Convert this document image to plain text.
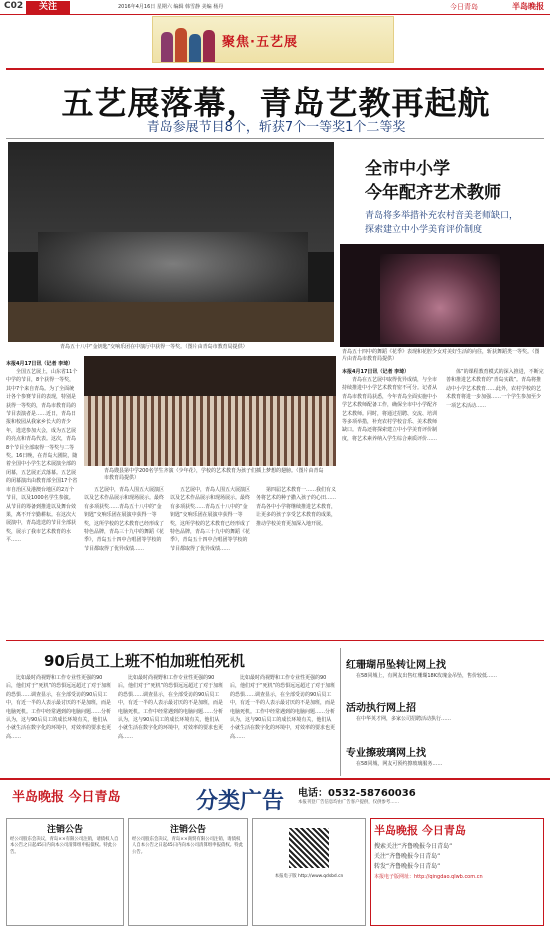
C02	关注	2016年4月16日 星期六 编辑 韩雪静 美编 杨丹	今日青岛	半岛晚报
聚焦·五艺展
五艺展落幕，青岛艺教再起航
青岛参展节目8个，斩获7个一等奖1个二等奖
青岛五十八中“金钥匙”交响乐团在中演厅中获得一等奖。（图片由青岛市教育局提供）
全市中小学
今年配齐艺术教师
青岛将多举措补充农村音美老师缺口，
探索建立中小学美育评价制度
青岛五十四中的舞蹈《花季》表现和花腔少女对美好生活的向往，斩获舞蹈类一等奖。（图片由青岛市教育局提供）
本报4月17日讯（记者 李琦）
全国五艺展上，山东省11个中学的节目，8个获得一等奖，其中7个来自青岛。为了全面统计各个参赛节目的表现，特别是获得一等奖的，青岛市教育局的节目表演者是……近日，青岛日报和校园从我家乡长大的青少年，选送参加大会，成为五艺展的亮点和青岛代表。这次，青岛8个节目全部取得一等奖与二等奖。16日晚，在青岛大剧院，随着全国中小学生艺术展演全部的闭幕，五艺展正式落幕。五艺展的闭幕演出由教育部全国17个省市自治区及港澳台地区的2万个节目，以及1000名学生参演。从节目的筹备到推进以及舞台效果，离不开辛勤耕耘。在这次大展演中，青岛选送的节目全部获奖，展示了我市艺术教育的水平……
青岛嫂县第中学200名学生齐演（少年花），学校的艺术教育为孩子们插上梦想的翅膀。（图片由青岛市教育局提供）
五艺展中，青岛人围五大展演区以及艺术作品展示和现场展示。最终有多项获奖……青岛五十八中的“金钥匙”交响乐团在展演中获得一等奖，这所学校的艺术教育已经形成了特色品牌，青岛三十九中的舞蹈《花季》，青岛五十四中合唱团等学校的节目都取得了优异成绩……
五艺展中，青岛人围五大展演区以及艺术作品展示和现场展示。最终有多项获奖……青岛五十八中的“金钥匙”交响乐团在展演中获得一等奖，这所学校的艺术教育已经形成了特色品牌，青岛三十九中的舞蹈《花季》，青岛五十四中合唱团等学校的节目都取得了优异成绩……
第四届艺术教育一……我们有义务将艺术的种子撒入孩子的心田……青岛各中小学将继续推进艺术教育，让更多的孩子享受艺术教育的成果，推动学校美育更加深入地开展。
本报4月17日讯（记者 李琦）
青岛在五艺展中取得优异成绩，与全市持续推进中小学艺术教育密不可分。记者从青岛市教育局获悉，今年青岛全面实施中小学艺术教师配备工作，确保全市中小学配齐艺术教师。同时，将通过招聘、交流、培训等多项举措，补充农村学校音乐、美术教师缺口。青岛还将探索建立中小学美育评价制度，将艺术素养纳入学生综合素质评价……
体”的课程教育模式的深入推进，不断完善和推进艺术教育的“青岛实践”。青岛将推动中小学艺术教育……此外，农村学校的艺术教育将进一步加强……一个学生参加至少一项艺术活动……
90后员工上班不怕加班怕死机
比如最时尚视野和工作专业性更强的90后，他们对于“死机”的恐惧远远超过了对于加班的恐惧……调查显示，在全部受访的90后员工中，有近一半的人表示最讨厌的不是加班，而是电脑死机。工作中经常遇到的电脑问题……分析认为，这与90后员工的成长环境有关，他们从小就生活在数字化的环境中，对效率的要求也更高……
比如最时尚视野和工作专业性更强的90后，他们对于“死机”的恐惧远远超过了对于加班的恐惧……调查显示，在全部受访的90后员工中，有近一半的人表示最讨厌的不是加班，而是电脑死机。工作中经常遇到的电脑问题……分析认为，这与90后员工的成长环境有关，他们从小就生活在数字化的环境中，对效率的要求也更高……
比如最时尚视野和工作专业性更强的90后，他们对于“死机”的恐惧远远超过了对于加班的恐惧……调查显示，在全部受访的90后员工中，有近一半的人表示最讨厌的不是加班，而是电脑死机。工作中经常遇到的电脑问题……分析认为，这与90后员工的成长环境有关，他们从小就生活在数字化的环境中，对效率的要求也更高……
红珊瑚吊坠转让网上找
在58同城上，有网友出售红珊瑚18K玫瑰金吊坠，售价较低……
活动执行网上招
在中华英才网，多家公司招聘活动执行……
专业擦玻璃网上找
在58同城，网友可预约擦玻璃服务……
半岛晚报 今日青岛	分类广告 电话：0532-58760036
本报刊登广告信息均由广告客户提供，仅供参考……
注销公告

经公司股东会决议，青岛××有限公司注销，请债权人自本公告之日起45日内向本公司清算组申报债权。特此公告。

注销公告

经公司股东会决议，青岛××商贸有限公司注销，请债权人自本公告之日起45日内向本公司清算组申报债权。特此公告。

本报电子版 http://www.qdsbd.cn

半岛晚报 今日青岛

搜索关注“齐鲁晚报今日青岛”

关注“齐鲁晚报今日青岛”

转发“齐鲁晚报今日青岛”

本报电子版网址：http://qingdao.qlwb.com.cn
